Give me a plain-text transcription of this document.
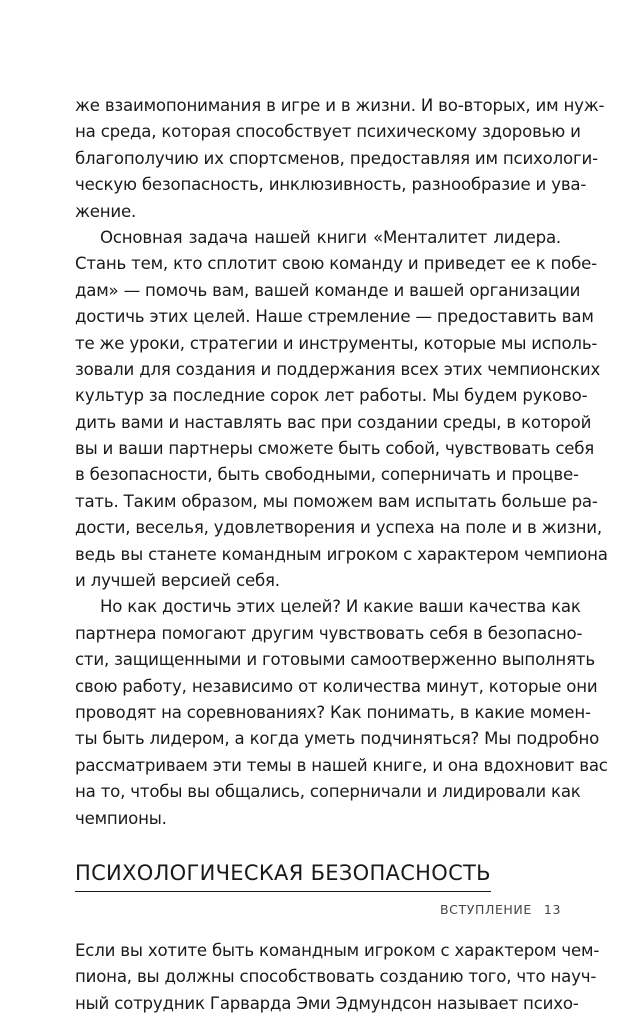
же взаимопонимания в игре и в жизни. И во-вторых, им нуж-
на среда, которая способствует психическому здоровью и
благополучию их спортсменов, предоставляя им психологи-
ческую безопасность, инклюзивность, разнообразие и ува-
жение.
Основная задача нашей книги «Менталитет лидера.
Стань тем, кто сплотит свою команду и приведет ее к побе-
дам» — помочь вам, вашей команде и вашей организации
достичь этих целей. Наше стремление — предоставить вам
те же уроки, стратегии и инструменты, которые мы исполь-
зовали для создания и поддержания всех этих чемпионских
культур за последние сорок лет работы. Мы будем руково-
дить вами и наставлять вас при создании среды, в которой
вы и ваши партнеры сможете быть собой, чувствовать себя
в безопасности, быть свободными, соперничать и процве-
тать. Таким образом, мы поможем вам испытать больше ра-
дости, веселья, удовлетворения и успеха на поле и в жизни,
ведь вы станете командным игроком с характером чемпиона
и лучшей версией себя.
Но как достичь этих целей? И какие ваши качества как
партнера помогают другим чувствовать себя в безопасно-
сти, защищенными и готовыми самоотверженно выполнять
свою работу, независимо от количества минут, которые они
проводят на соревнованиях? Как понимать, в какие момен-
ты быть лидером, а когда уметь подчиняться? Мы подробно
рассматриваем эти темы в нашей книге, и она вдохновит вас
на то, чтобы вы общались, соперничали и лидировали как
чемпионы.
ПСИХОЛОГИЧЕСКАЯ БЕЗОПАСНОСТЬ
Если вы хотите быть командным игроком с характером чем-
пиона, вы должны способствовать созданию того, что науч-
ный сотрудник Гарварда Эми Эдмундсон называет психо-
ВСТУПЛЕНИЕ 13
